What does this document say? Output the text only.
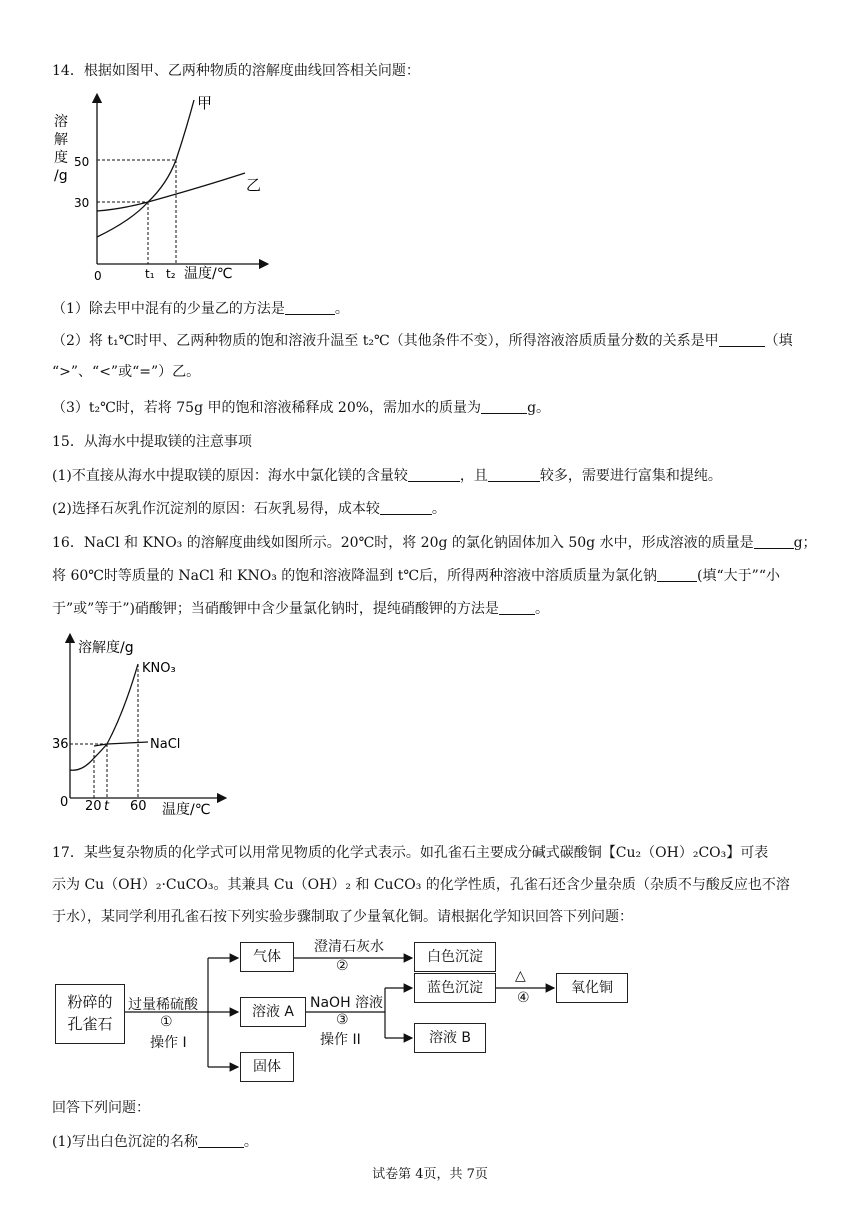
14．根据如图甲、乙两种物质的溶解度曲线回答相关问题：
溶
解
度
/g
0
50
30
t₁ t₂ 温度/℃
甲
乙
（1）除去甲中混有的少量乙的方法是	。
（2）将 t₁℃时甲、乙两种物质的饱和溶液升温至 t₂℃（其他条件不变），所得溶液溶质质量分数的关系是甲	（填
“>”、“<”或“=”）乙。
（3）t₂℃时，若将 75g 甲的饱和溶液稀释成 20%，需加水的质量为	g。
15．从海水中提取镁的注意事项
(1)不直接从海水中提取镁的原因：海水中氯化镁的含量较	，且	较多，需要进行富集和提纯。
(2)选择石灰乳作沉淀剂的原因：石灰乳易得，成本较	。
16．NaCl 和 KNO₃ 的溶解度曲线如图所示。20℃时，将 20g 的氯化钠固体加入 50g 水中，形成溶液的质量是	g；
将 60℃时等质量的 NaCl 和 KNO₃ 的饱和溶液降温到 t℃后，所得两种溶液中溶质质量为氯化钠	(填“大于”“小
于”或”等于”)硝酸钾；当硝酸钾中含少量氯化钠时，提纯硝酸钾的方法是	。
溶解度/g
0
36
20 t 60 温度/℃
KNO₃
NaCl
17．某些复杂物质的化学式可以用常见物质的化学式表示。如孔雀石主要成分碱式碳酸铜【Cu₂（OH）₂CO₃】可表
示为 Cu（OH）₂·CuCO₃。其兼具 Cu（OH）₂ 和 CuCO₃ 的化学性质，孔雀石还含少量杂质（杂质不与酸反应也不溶
于水），某同学利用孔雀石按下列实验步骤制取了少量氧化铜。请根据化学知识回答下列问题：
粉碎的
孔雀石
过量稀硫酸
①
操作 I
气体
澄清石灰水
②
白色沉淀
溶液 A
NaOH 溶液
③
操作 II
蓝色沉淀
△
④
氧化铜
溶液 B
固体
回答下列问题：
(1)写出白色沉淀的名称	。
试卷第 4页，共 7页
